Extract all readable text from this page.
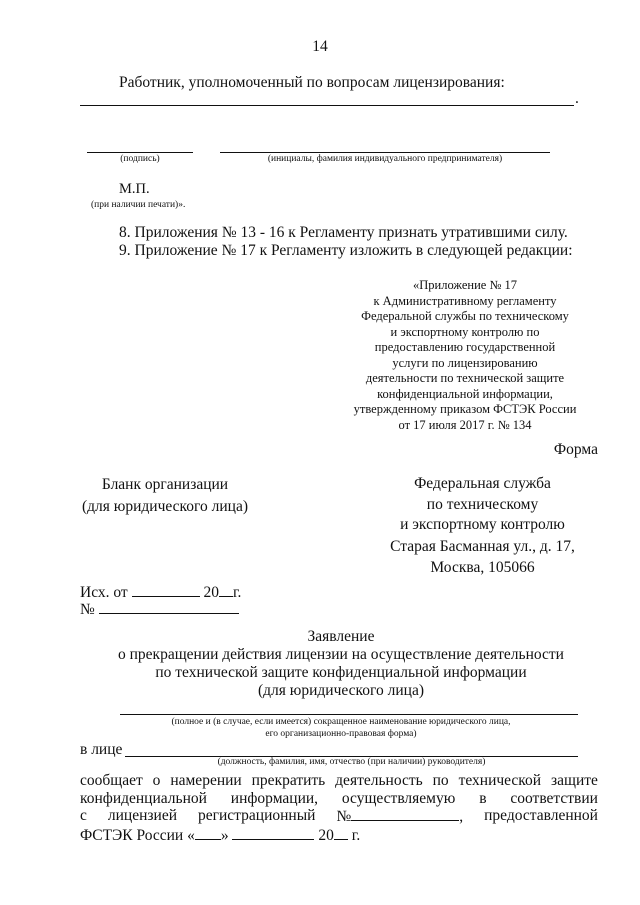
14
Работник, уполномоченный по вопросам лицензирования:
.
(подпись)	(инициалы, фамилия индивидуального предпринимателя)
М.П.
(при наличии печати)».
8. Приложения № 13 - 16 к Регламенту признать утратившими силу.
9. Приложение № 17 к Регламенту изложить в следующей редакции:
«Приложение № 17
к Административному регламенту
Федеральной службы по техническому
и экспортному контролю по
предоставлению государственной
услуги по лицензированию
деятельности по технической защите
конфиденциальной информации,
утвержденному приказом ФСТЭК России
от 17 июля 2017 г. № 134
Форма
Бланк организации
(для юридического лица)
Федеральная служба
по техническому
и экспортному контролю
Старая Басманная ул., д. 17,
Москва, 105066
Исх. от	20 г.
№
Заявление
о прекращении действия лицензии на осуществление деятельности
по технической защите конфиденциальной информации
(для юридического лица)
(полное и (в случае, если имеется) сокращенное наименование юридического лица,
его организационно-правовая форма)
в лице
(должность, фамилия, имя, отчество (при наличии) руководителя)
сообщает о намерении прекратить деятельность по технической защите
конфиденциальной информации, осуществляемую в соответствии
с лицензией регистрационный №	, предоставленной
ФСТЭК России « »	20 г.
